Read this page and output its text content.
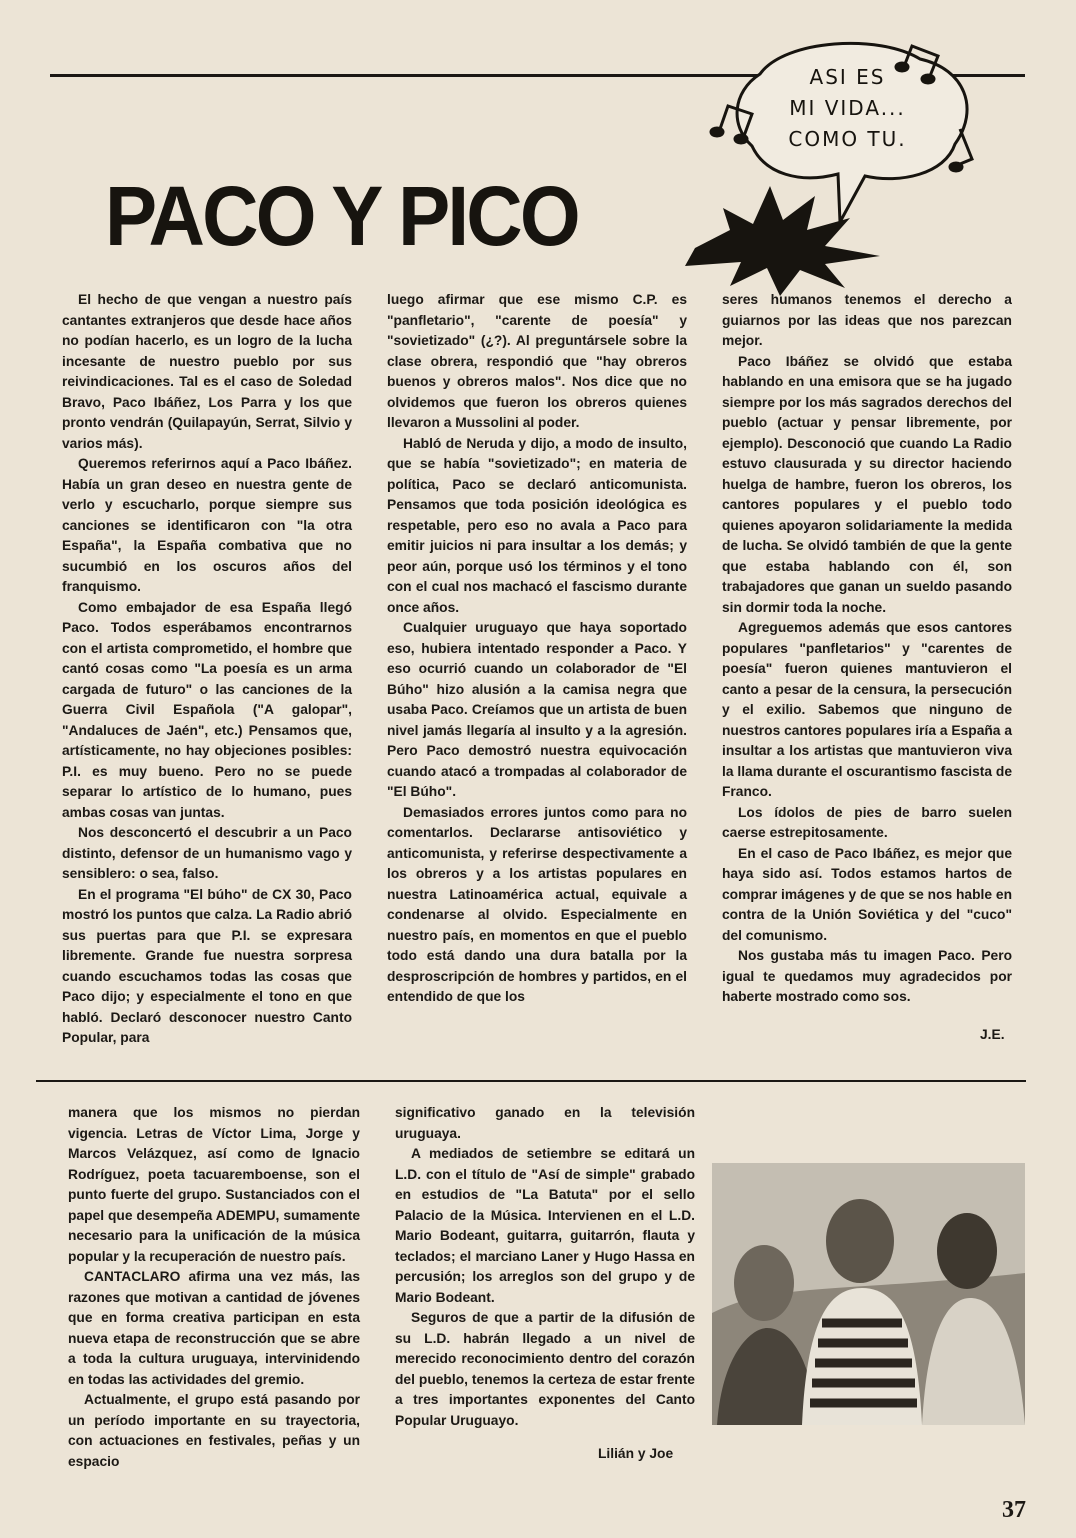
ASI ES
MI VIDA...
COMO TU.
PACO Y PICO

El hecho de que vengan a nuestro país cantantes extranjeros que desde hace años no podían hacerlo, es un logro de la lucha incesante de nuestro pueblo por sus reivindicaciones. Tal es el caso de Soledad Bravo, Paco Ibáñez, Los Parra y los que pronto vendrán (Quilapayún, Serrat, Silvio y varios más).

Queremos referirnos aquí a Paco Ibáñez. Había un gran deseo en nuestra gente de verlo y escucharlo, porque siempre sus canciones se identificaron con "la otra España", la España combativa que no sucumbió en los oscuros años del franquismo.

Como embajador de esa España llegó Paco. Todos esperábamos encontrarnos con el artista comprometido, el hombre que cantó cosas como "La poesía es un arma cargada de futuro" o las canciones de la Guerra Civil Española ("A galopar", "Andaluces de Jaén", etc.) Pensamos que, artísticamente, no hay objeciones posibles: P.I. es muy bueno. Pero no se puede separar lo artístico de lo humano, pues ambas cosas van juntas.

Nos desconcertó el descubrir a un Paco distinto, defensor de un humanismo vago y sensiblero: o sea, falso.

En el programa "El búho" de CX 30, Paco mostró los puntos que calza. La Radio abrió sus puertas para que P.I. se expresara libremente. Grande fue nuestra sorpresa cuando escuchamos todas las cosas que Paco dijo; y especialmente el tono en que habló. Declaró desconocer nuestro Canto Popular, para

luego afirmar que ese mismo C.P. es "panfletario", "carente de poesía" y "sovietizado" (¿?). Al preguntársele sobre la clase obrera, respondió que "hay obreros buenos y obreros malos". Nos dice que no olvidemos que fueron los obreros quienes llevaron a Mussolini al poder.

Habló de Neruda y dijo, a modo de insulto, que se había "sovietizado"; en materia de política, Paco se declaró anticomunista. Pensamos que toda posición ideológica es respetable, pero eso no avala a Paco para emitir juicios ni para insultar a los demás; y peor aún, porque usó los términos y el tono con el cual nos machacó el fascismo durante once años.

Cualquier uruguayo que haya soportado eso, hubiera intentado responder a Paco. Y eso ocurrió cuando un colaborador de "El Búho" hizo alusión a la camisa negra que usaba Paco. Creíamos que un artista de buen nivel jamás llegaría al insulto y a la agresión. Pero Paco demostró nuestra equivocación cuando atacó a trompadas al colaborador de "El Búho".

Demasiados errores juntos como para no comentarlos. Declararse antisoviético y anticomunista, y referirse despectivamente a los obreros y a los artistas populares en nuestra Latinoamérica actual, equivale a condenarse al olvido. Especialmente en nuestro país, en momentos en que el pueblo todo está dando una dura batalla por la desproscripción de hombres y partidos, en el entendido de que los

seres humanos tenemos el derecho a guiarnos por las ideas que nos parezcan mejor.

Paco Ibáñez se olvidó que estaba hablando en una emisora que se ha jugado siempre por los más sagrados derechos del pueblo (actuar y pensar libremente, por ejemplo). Desconoció que cuando La Radio estuvo clausurada y su director haciendo huelga de hambre, fueron los obreros, los cantores populares y el pueblo todo quienes apoyaron solidariamente la medida de lucha. Se olvidó también de que la gente que estaba hablando con él, son trabajadores que ganan un sueldo pasando sin dormir toda la noche.

Agreguemos además que esos cantores populares "panfletarios" y "carentes de poesía" fueron quienes mantuvieron el canto a pesar de la censura, la persecución y el exilio. Sabemos que ninguno de nuestros cantores populares iría a España a insultar a los artistas que mantuvieron viva la llama durante el oscurantismo fascista de Franco.

Los ídolos de pies de barro suelen caerse estrepitosamente.

En el caso de Paco Ibáñez, es mejor que haya sido así. Todos estamos hartos de comprar imágenes y de que se nos hable en contra de la Unión Soviética y del "cuco" del comunismo.

Nos gustaba más tu imagen Paco. Pero igual te quedamos muy agradecidos por haberte mostrado como sos.

J.E.

manera que los mismos no pierdan vigencia. Letras de Víctor Lima, Jorge y Marcos Velázquez, así como de Ignacio Rodríguez, poeta tacuaremboense, son el punto fuerte del grupo. Sustanciados con el papel que desempeña ADEMPU, sumamente necesario para la unificación de la música popular y la recuperación de nuestro país.

CANTACLARO afirma una vez más, las razones que motivan a cantidad de jóvenes que en forma creativa participan en esta nueva etapa de reconstrucción que se abre a toda la cultura uruguaya, intervinidendo en todas las actividades del gremio.

Actualmente, el grupo está pasando por un período importante en su trayectoria, con actuaciones en festivales, peñas y un espacio

significativo ganado en la televisión uruguaya.

A mediados de setiembre se editará un L.D. con el título de "Así de simple" grabado en estudios de "La Batuta" por el sello Palacio de la Música. Intervienen en el L.D. Mario Bodeant, guitarra, guitarrón, flauta y teclados; el marciano Laner y Hugo Hassa en percusión; los arreglos son del grupo y de Mario Bodeant.

Seguros de que a partir de la difusión de su L.D. habrán llegado a un nivel de merecido reconocimiento dentro del corazón del pueblo, tenemos la certeza de estar frente a tres importantes exponentes del Canto Popular Uruguayo.

Lilián y Joe
37
